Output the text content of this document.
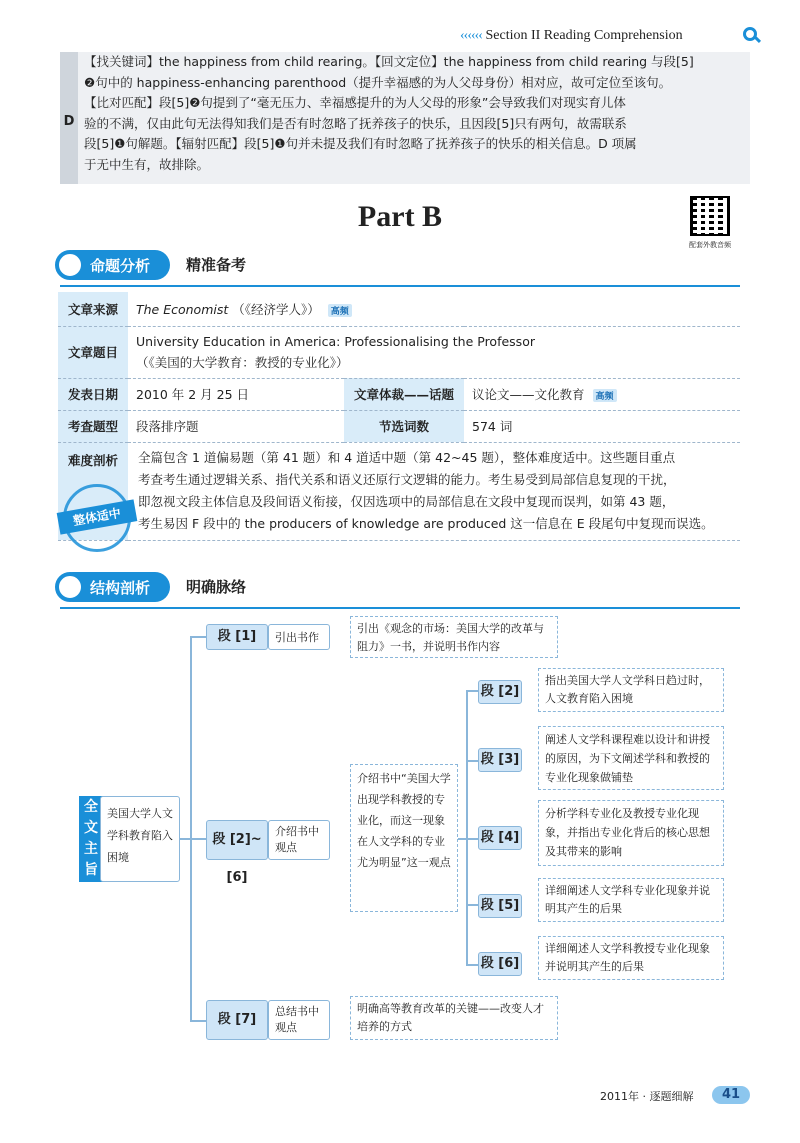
‹‹‹‹‹‹ Section II Reading Comprehension
D
【找关键词】the happiness from child rearing。【回文定位】the happiness from child rearing 与段[5]
❷句中的 happiness-enhancing parenthood（提升幸福感的为人父母身份）相对应，故可定位至该句。
【比对匹配】段[5]❷句提到了“毫无压力、幸福感提升的为人父母的形象”会导致我们对现实育儿体
验的不满，仅由此句无法得知我们是否有时忽略了抚养孩子的快乐，且因段[5]只有两句，故需联系
段[5]❶句解题。【辐射匹配】段[5]❶句并未提及我们有时忽略了抚养孩子的快乐的相关信息。D 项属
于无中生有，故排除。
Part B
配套外教音频
命题分析 精准备考
文章来源	The Economist （《经济学人》） 高频		
文章题目	University Education in America: Professionalising the Professor
（《美国的大学教育：教授的专业化》）		

发表日期	2010 年 2 月 25 日	文章体裁——话题	议论文——文化教育 高频
考查题型	段落排序题	节选词数	574 词
难度剖析	全篇包含 1 道偏易题（第 41 题）和 4 道适中题（第 42~45 题），整体难度适中。这些题目重点
考查考生通过逻辑关系、指代关系和语义还原行文逻辑的能力。考生易受到局部信息复现的干扰，
即忽视文段主体信息及段间语义衔接，仅因选项中的局部信息在文段中复现而误判，如第 43 题，
考生易因 F 段中的 the producers of knowledge are produced 这一信息在 E 段尾句中复现而误选。		
整体适中
结构剖析 明确脉络
全文主旨
美国大学人文学科教育陷入困境
段 [1]	引出书作
引出《观念的市场：美国大学的改革与阻力》一书，并说明书作内容
段 [2]~[6]
介绍书中观点
介绍书中“美国大学出现学科教授的专业化，而这一现象在人文学科的专业尤为明显”这一观点
段 [2]
指出美国大学人文学科日趋过时，人文教育陷入困境
段 [3]
阐述人文学科课程难以设计和讲授的原因，为下文阐述学科和教授的专业化现象做铺垫
段 [4]
分析学科专业化及教授专业化现象，并指出专业化背后的核心思想及其带来的影响
段 [5]
详细阐述人文学科专业化现象并说明其产生的后果
段 [6]
详细阐述人文学科教授专业化现象并说明其产生的后果
段 [7]
总结书中观点
明确高等教育改革的关键——改变人才培养的方式
2011年 · 逐题细解	41
